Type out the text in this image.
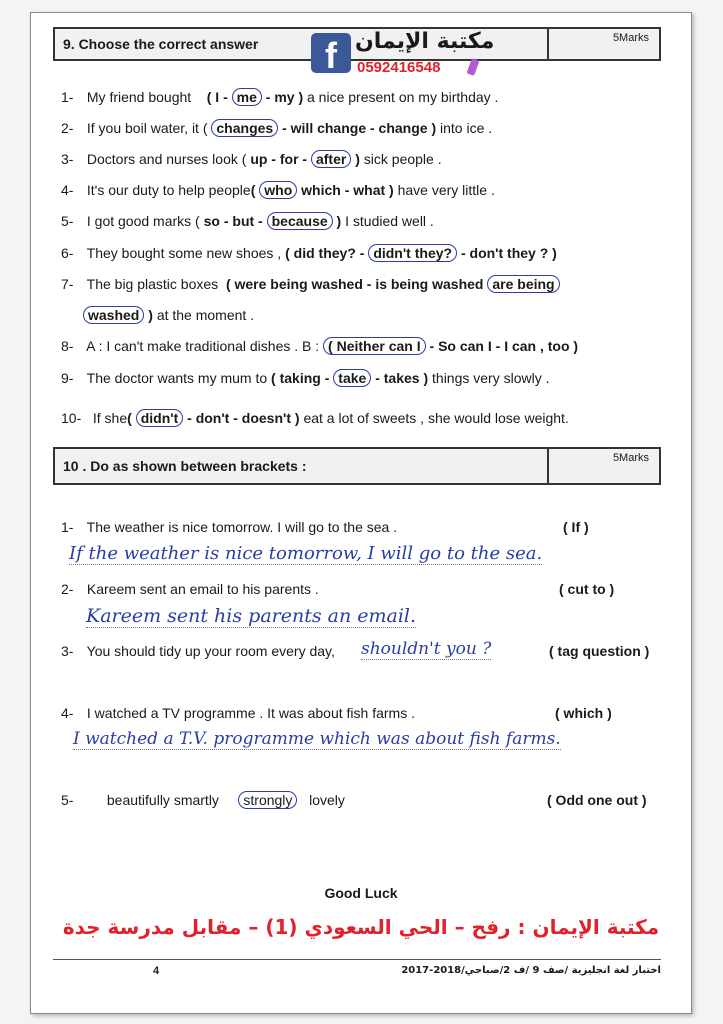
9. Choose the correct answer	5Marks
f مكتبة الإيمان
0592416548
1- My friend bought ( I - me - my ) a nice present on my birthday .
2- If you boil water, it ( changes - will change - change ) into ice .
3- Doctors and nurses look ( up - for - after ) sick people .
4- It's our duty to help people( who which - what ) have very little .
5- I got good marks ( so - but - because ) I studied well .
6- They bought some new shoes , ( did they? - didn't they? - don't they ? )
7- The big plastic boxes ( were being washed - is being washed are being
washed ) at the moment .
8- A : I can't make traditional dishes . B : ( Neither can I - So can I - I can , too )
9- The doctor wants my mum to ( taking - take - takes ) things very slowly .
10- If she( didn't - don't - doesn't ) eat a lot of sweets , she would lose weight.
10 . Do as shown between brackets :	5Marks
1- The weather is nice tomorrow. I will go to the sea .	( If )
If the weather is nice tomorrow, I will go to the sea.
2- Kareem sent an email to his parents .	( cut to )
Kareem sent his parents an email.
3- You should tidy up your room every day, shouldn't you ?	( tag question )
4- I watched a TV programme . It was about fish farms .	( which )
I watched a T.V. programme which was about fish farms.
5- beautifully smartly strongly lovely	( Odd one out )
Good Luck
مكتبة الإيمان : رفح – الحي السعودي (1) – مقابل مدرسة جدة
4	اختبار لغة انجليزية /صف 9 /ف 2/صباحي/2018-2017
